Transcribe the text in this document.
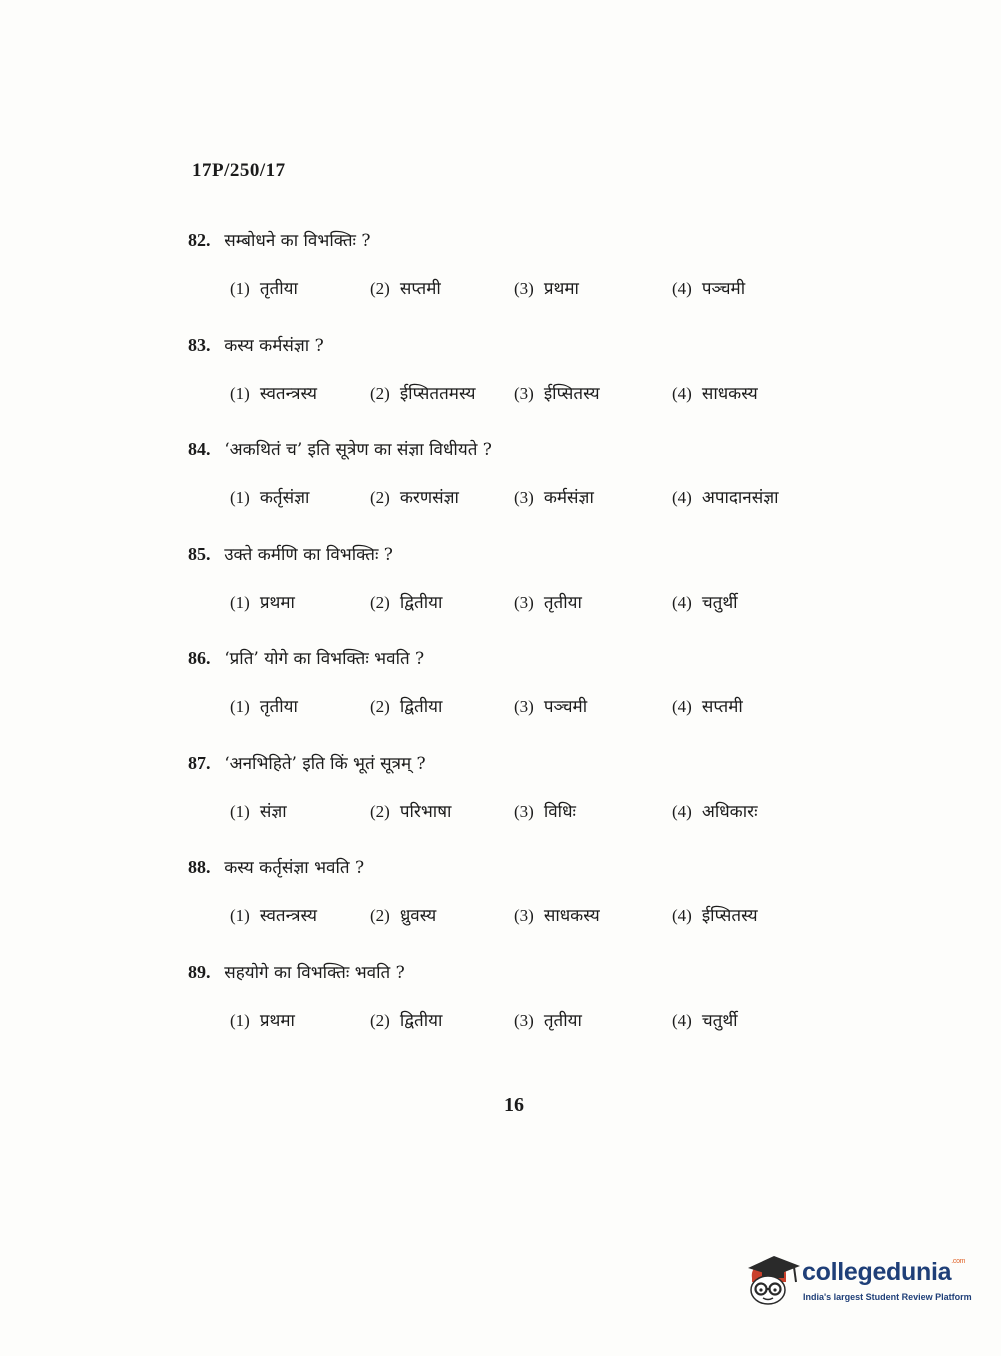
17P/250/17
82. सम्बोधने का विभक्तिः ?
(1) तृतीया	(2) सप्तमी	(3) प्रथमा	(4) पञ्चमी
83. कस्य कर्मसंज्ञा ?
(1) स्वतन्त्रस्य	(2) ईप्सिततमस्य (3) ईप्सितस्य	(4) साधकस्य
84. ‘अकथितं च’ इति सूत्रेण का संज्ञा विधीयते ?
(1) कर्तृसंज्ञा	(2) करणसंज्ञा	(3) कर्मसंज्ञा	(4) अपादानसंज्ञा
85. उक्ते कर्मणि का विभक्तिः ?
(1) प्रथमा	(2) द्वितीया	(3) तृतीया	(4) चतुर्थी
86. ‘प्रति’ योगे का विभक्तिः भवति ?
(1) तृतीया	(2) द्वितीया	(3) पञ्चमी	(4) सप्तमी
87. ‘अनभिहिते’ इति किं भूतं सूत्रम् ?
(1) संज्ञा	(2) परिभाषा	(3) विधिः	(4) अधिकारः
88. कस्य कर्तृसंज्ञा भवति ?
(1) स्वतन्त्रस्य	(2) ध्रुवस्य	(3) साधकस्य	(4) ईप्सितस्य
89. सहयोगे का विभक्तिः भवति ?
(1) प्रथमा	(2) द्वितीया	(3) तृतीया	(4) चतुर्थी
16
collegedunia$^{.com}$
India's largest Student Review Platform
